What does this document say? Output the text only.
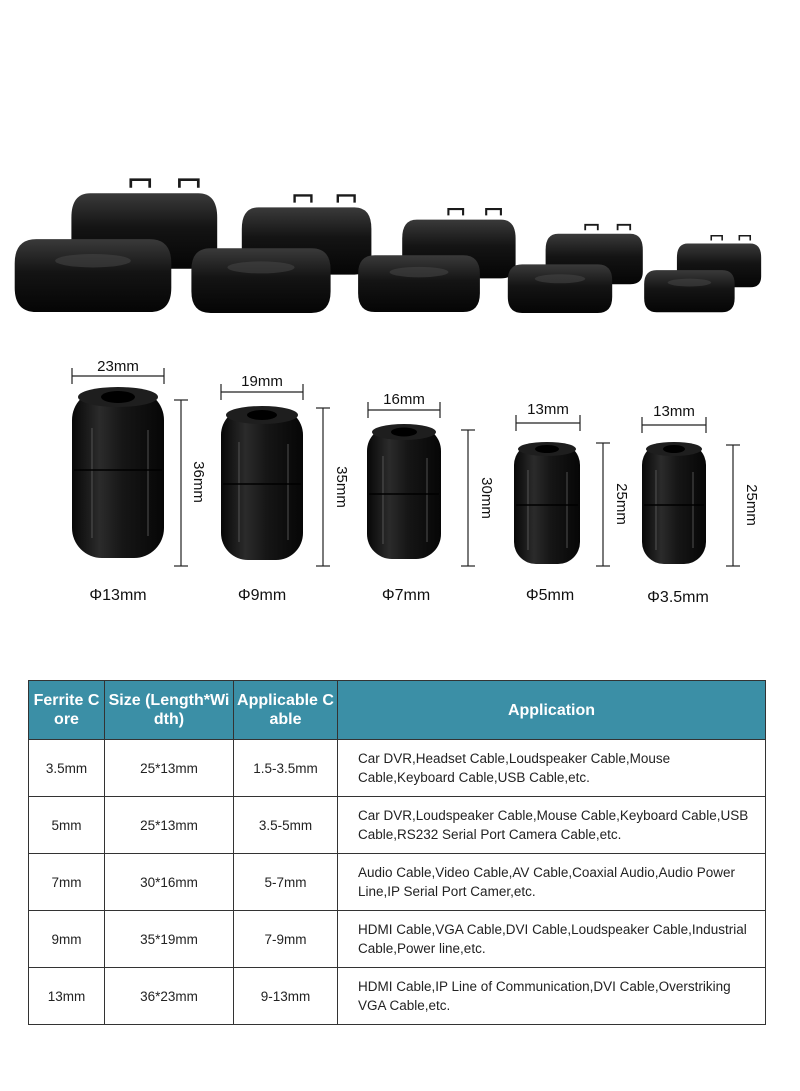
23mm
36mm
Φ13mm
19mm
35mm
Φ9mm
16mm
30mm
Φ7mm
13mm
25mm
Φ5mm
13mm
25mm
Φ3.5mm
Ferrite Core	Size (Length*Width)	Applicable Cable	Application
3.5mm	25*13mm	1.5-3.5mm	Car DVR,Headset Cable,Loudspeaker Cable,Mouse Cable,Keyboard Cable,USB Cable,etc.
5mm	25*13mm	3.5-5mm	Car DVR,Loudspeaker Cable,Mouse Cable,Keyboard Cable,USB Cable,RS232 Serial Port Camera Cable,etc.
7mm	30*16mm	5-7mm	Audio Cable,Video Cable,AV Cable,Coaxial Audio,Audio Power Line,IP Serial Port Camer,etc.
9mm	35*19mm	7-9mm	HDMI Cable,VGA Cable,DVI Cable,Loudspeaker Cable,Industrial Cable,Power line,etc.
13mm	36*23mm	9-13mm	HDMI Cable,IP Line of Communication,DVI Cable,Overstriking VGA Cable,etc.
